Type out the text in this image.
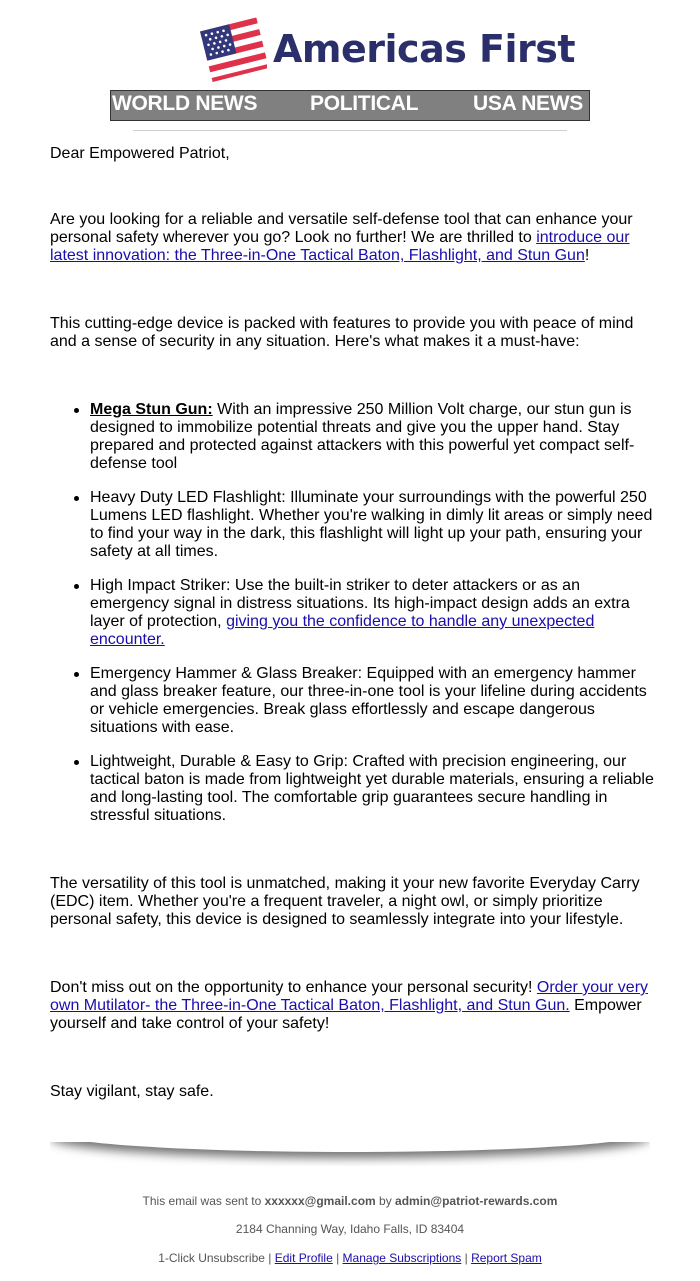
Americas First
WORLD NEWS	POLITICAL	USA NEWS

Dear Empowered Patriot,

Are you looking for a reliable and versatile self-defense tool that can enhance your personal safety wherever you go? Look no further! We are thrilled to introduce our latest innovation: the Three-in-One Tactical Baton, Flashlight, and Stun Gun!

This cutting-edge device is packed with features to provide you with peace of mind and a sense of security in any situation. Here's what makes it a must-have:

Mega Stun Gun: With an impressive 250 Million Volt charge, our stun gun is designed to immobilize potential threats and give you the upper hand. Stay prepared and protected against attackers with this powerful yet compact self-defense tool
Heavy Duty LED Flashlight: Illuminate your surroundings with the powerful 250 Lumens LED flashlight. Whether you're walking in dimly lit areas or simply need to find your way in the dark, this flashlight will light up your path, ensuring your safety at all times.
High Impact Striker: Use the built-in striker to deter attackers or as an emergency signal in distress situations. Its high-impact design adds an extra layer of protection, giving you the confidence to handle any unexpected encounter.
Emergency Hammer & Glass Breaker: Equipped with an emergency hammer and glass breaker feature, our three-in-one tool is your lifeline during accidents or vehicle emergencies. Break glass effortlessly and escape dangerous situations with ease.
Lightweight, Durable & Easy to Grip: Crafted with precision engineering, our tactical baton is made from lightweight yet durable materials, ensuring a reliable and long-lasting tool. The comfortable grip guarantees secure handling in stressful situations.

The versatility of this tool is unmatched, making it your new favorite Everyday Carry (EDC) item. Whether you're a frequent traveler, a night owl, or simply prioritize personal safety, this device is designed to seamlessly integrate into your lifestyle.

Don't miss out on the opportunity to enhance your personal security! Order your very own Mutilator- the Three-in-One Tactical Baton, Flashlight, and Stun Gun. Empower yourself and take control of your safety!

Stay vigilant, stay safe.

This email was sent to xxxxxx@gmail.com by admin@patriot-rewards.com
2184 Channing Way, Idaho Falls, ID 83404
1-Click Unsubscribe | Edit Profile | Manage Subscriptions | Report Spam
